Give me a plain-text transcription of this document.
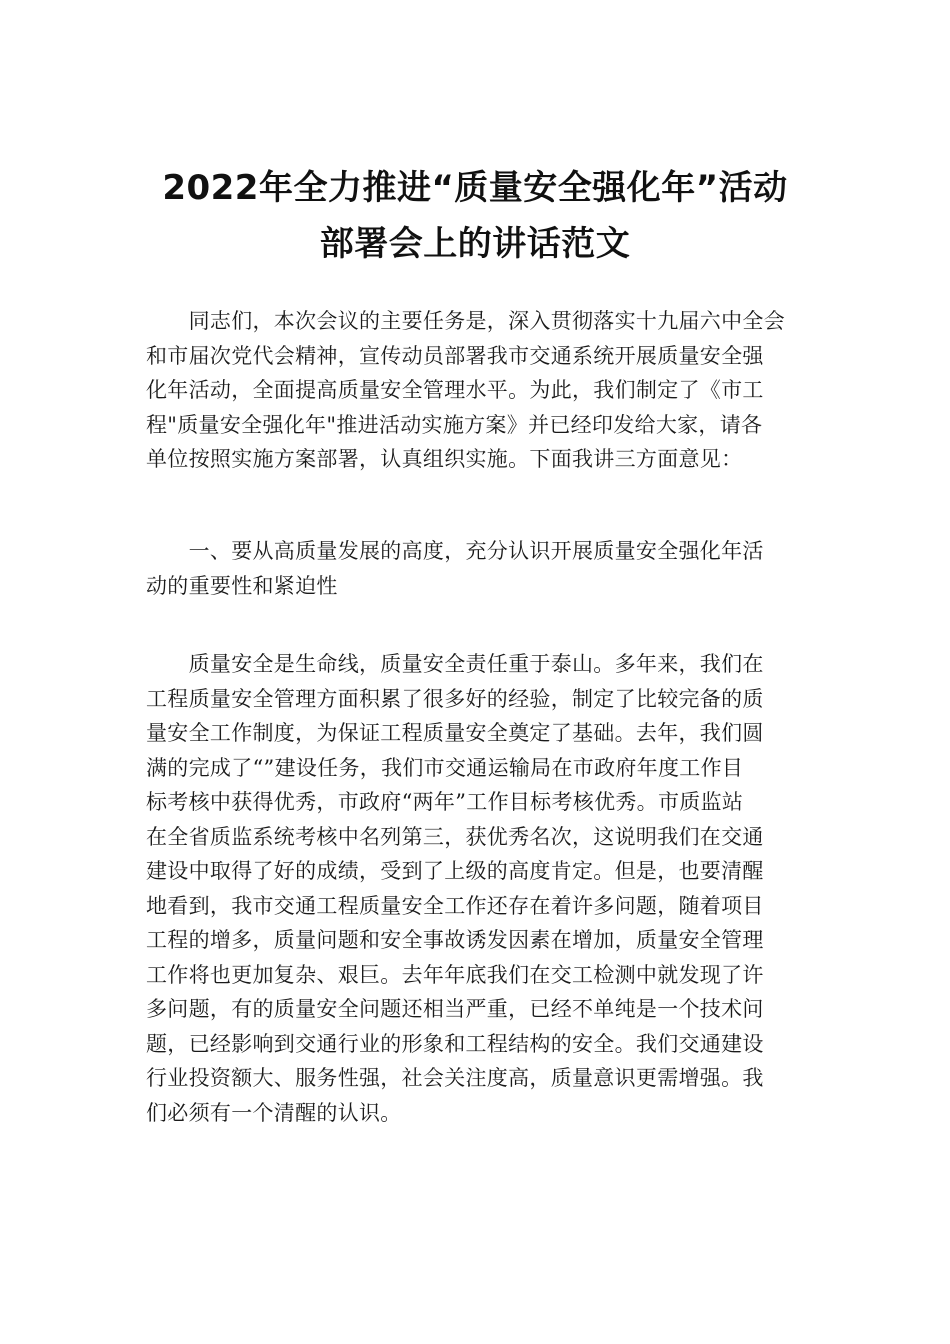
2022年全力推进“质量安全强化年”活动
部署会上的讲话范文
　　同志们，本次会议的主要任务是，深入贯彻落实十九届六中全会
和市届次党代会精神，宣传动员部署我市交通系统开展质量安全强
化年活动，全面提高质量安全管理水平。为此，我们制定了《市工
程"质量安全强化年"推进活动实施方案》并已经印发给大家，请各
单位按照实施方案部署，认真组织实施。下面我讲三方面意见：
　　一、要从高质量发展的高度，充分认识开展质量安全强化年活
动的重要性和紧迫性
　　质量安全是生命线，质量安全责任重于泰山。多年来，我们在
工程质量安全管理方面积累了很多好的经验，制定了比较完备的质
量安全工作制度，为保证工程质量安全奠定了基础。去年，我们圆
满的完成了“”建设任务，我们市交通运输局在市政府年度工作目
标考核中获得优秀，市政府“两年”工作目标考核优秀。市质监站
在全省质监系统考核中名列第三，获优秀名次，这说明我们在交通
建设中取得了好的成绩，受到了上级的高度肯定。但是，也要清醒
地看到，我市交通工程质量安全工作还存在着许多问题，随着项目
工程的增多，质量问题和安全事故诱发因素在增加，质量安全管理
工作将也更加复杂、艰巨。去年年底我们在交工检测中就发现了许
多问题，有的质量安全问题还相当严重，已经不单纯是一个技术问
题，已经影响到交通行业的形象和工程结构的安全。我们交通建设
行业投资额大、服务性强，社会关注度高，质量意识更需增强。我
们必须有一个清醒的认识。
